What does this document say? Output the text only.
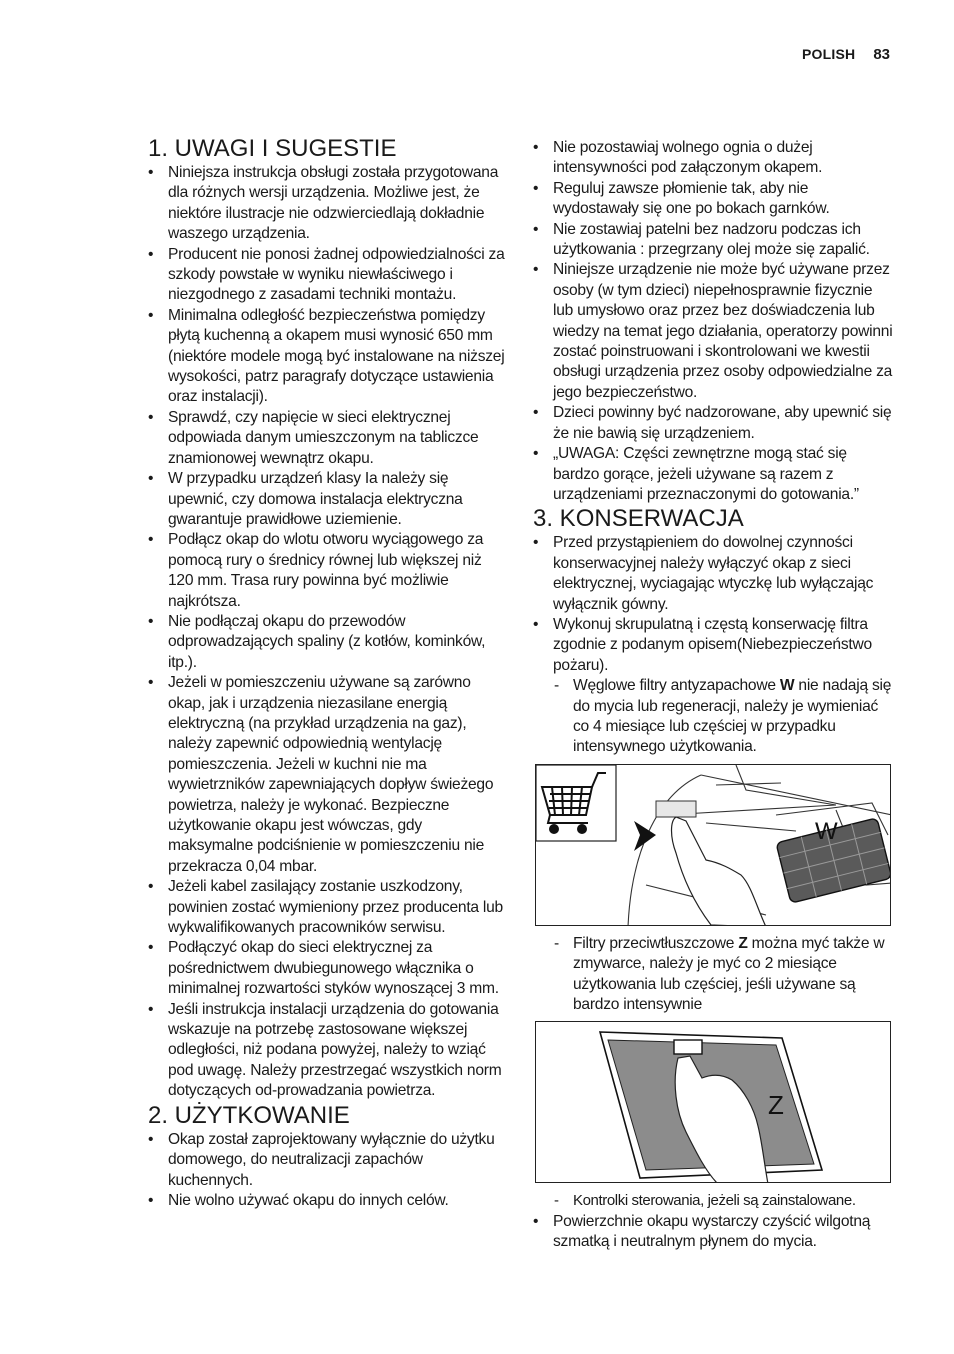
POLISH 83
1. UWAGI I SUGESTIE
• Niniejsza instrukcja obsługi została przygotowana dla różnych wersji urządzenia. Możliwe jest, że niektóre ilustracje nie odzwierciedlają dokładnie waszego urządzenia.
• Producent nie ponosi żadnej odpowiedzialności za szkody powstałe w wyniku niewłaściwego i niezgodnego z zasadami techniki montażu.
• Minimalna odległość bezpieczeństwa pomiędzy płytą kuchenną a okapem musi wynosić 650 mm (niektóre modele mogą być instalowane na niższej wysokości, patrz paragrafy dotyczące ustawienia oraz instalacji).
• Sprawdź, czy napięcie w sieci elektrycznej odpowiada danym umieszczonym na tabliczce znamionowej wewnątrz okapu.
• W przypadku urządzeń klasy Ia należy się upewnić, czy domowa instalacja elektryczna gwarantuje prawidłowe uziemienie.
• Podłącz okap do wlotu otworu wyciągowego za pomocą rury o średnicy równej lub większej niż 120 mm. Trasa rury powinna być możliwie najkrótsza.
• Nie podłączaj okapu do przewodów odprowadzających spaliny (z kotłów, kominków, itp.).
• Jeżeli w pomieszczeniu używane są zarówno okap, jak i urządzenia niezasilane energią elektryczną (na przykład urządzenia na gaz), należy zapewnić odpowiednią wentylację pomieszczenia. Jeżeli w kuchni nie ma wywietrzników zapewniających dopływ świeżego powietrza, należy je wykonać. Bezpieczne użytkowanie okapu jest wówczas, gdy maksymalne podciśnienie w pomieszczeniu nie przekracza 0,04 mbar.
• Jeżeli kabel zasilający zostanie uszkodzony, powinien zostać wymieniony przez producenta lub wykwalifikowanych pracowników serwisu.
• Podłączyć okap do sieci elektrycznej za pośrednictwem dwubiegunowego włącznika o minimalnej rozwartości styków wynoszącej 3 mm.
• Jeśli instrukcja instalacji urządzenia do gotowania wskazuje na potrzebę zastosowane większej odległości, niż podana powyżej, należy to wziąć pod uwagę. Należy przestrzegać wszystkich norm dotyczących od-prowadzania powietrza.
2. UŻYTKOWANIE
• Okap został zaprojektowany wyłącznie do użytku domowego, do neutralizacji zapachów kuchennych.
• Nie wolno używać okapu do innych celów.
• Nie pozostawiaj wolnego ognia o dużej intensywności pod załączonym okapem.
• Reguluj zawsze płomienie tak, aby nie wydostawały się one po bokach garnków.
• Nie zostawiaj patelni bez nadzoru podczas ich użytkowania : przegrzany olej może się zapalić.
• Niniejsze urządzenie nie może być używane przez osoby (w tym dzieci) niepełnosprawnie fizycznie lub umysłowo oraz przez bez doświadczenia lub wiedzy na temat jego działania, operatorzy powinni zostać poinstruowani i skontrolowani we kwestii obsługi urządzenia przez osoby odpowiedzialne za jego bezpieczeństwo.
• Dzieci powinny być nadzorowane, aby upewnić się że nie bawią się urządzeniem.
• „UWAGA: Części zewnętrzne mogą stać się bardzo gorące, jeżeli używane są razem z urządzeniami przeznaczonymi do gotowania.”
3. KONSERWACJA
• Przed przystąpieniem do dowolnej czynności konserwacyjnej należy wyłączyć okap z sieci elektrycznej, wyciagając wtyczkę lub wyłączając wyłącznik gówny.
• Wykonuj skrupulatną i częstą konserwację filtra zgodnie z podanym opisem(Niebezpieczeństwo pożaru).
- Węglowe filtry antyzapachowe W nie nadają się do mycia lub regeneracji, należy je wymieniać co 4 miesiące lub częściej w przypadku intensywnego użytkowania.
W
- Filtry przeciwtłuszczowe Z można myć także w zmywarce, należy je myć co 2 miesiące użytkowania lub częściej, jeśli używane są bardzo intensywnie
Z
- Kontrolki sterowania, jeżeli są zainstalowane.
• Powierzchnie okapu wystarczy czyścić wilgotną szmatką i neutralnym płynem do mycia.
